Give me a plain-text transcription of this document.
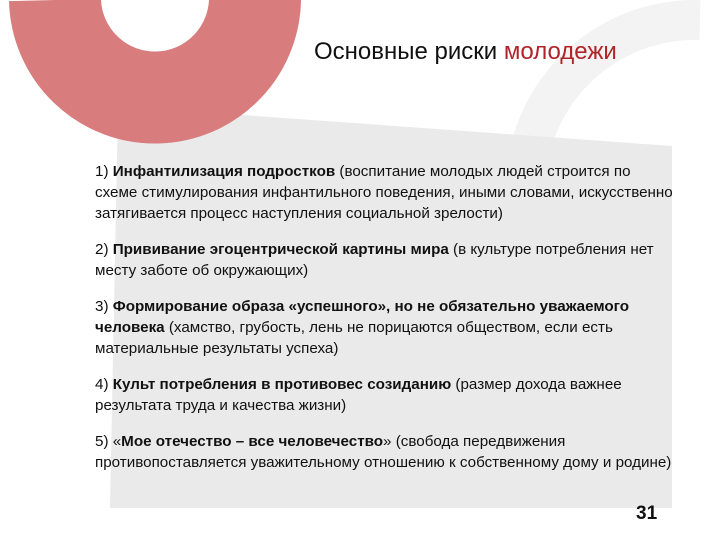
Основные риски молодежи

1) Инфантилизация подростков (воспитание молодых людей строится по схеме стимулирования инфантильного поведения, иными словами, искусственно затягивается процесс наступления социальной зрелости)

2) Прививание эгоцентрической картины мира (в культуре потребления нет месту заботе об окружающих)

3) Формирование образа «успешного», но не обязательно уважаемого человека (хамство, грубость, лень не порицаются обществом, если есть материальные результаты успеха)

4) Культ потребления в противовес созиданию (размер дохода важнее результата труда и качества жизни)

5) «Мое отечество – все человечество» (свобода передвижения противопоставляется уважительному отношению к собственному дому и родине)

31
